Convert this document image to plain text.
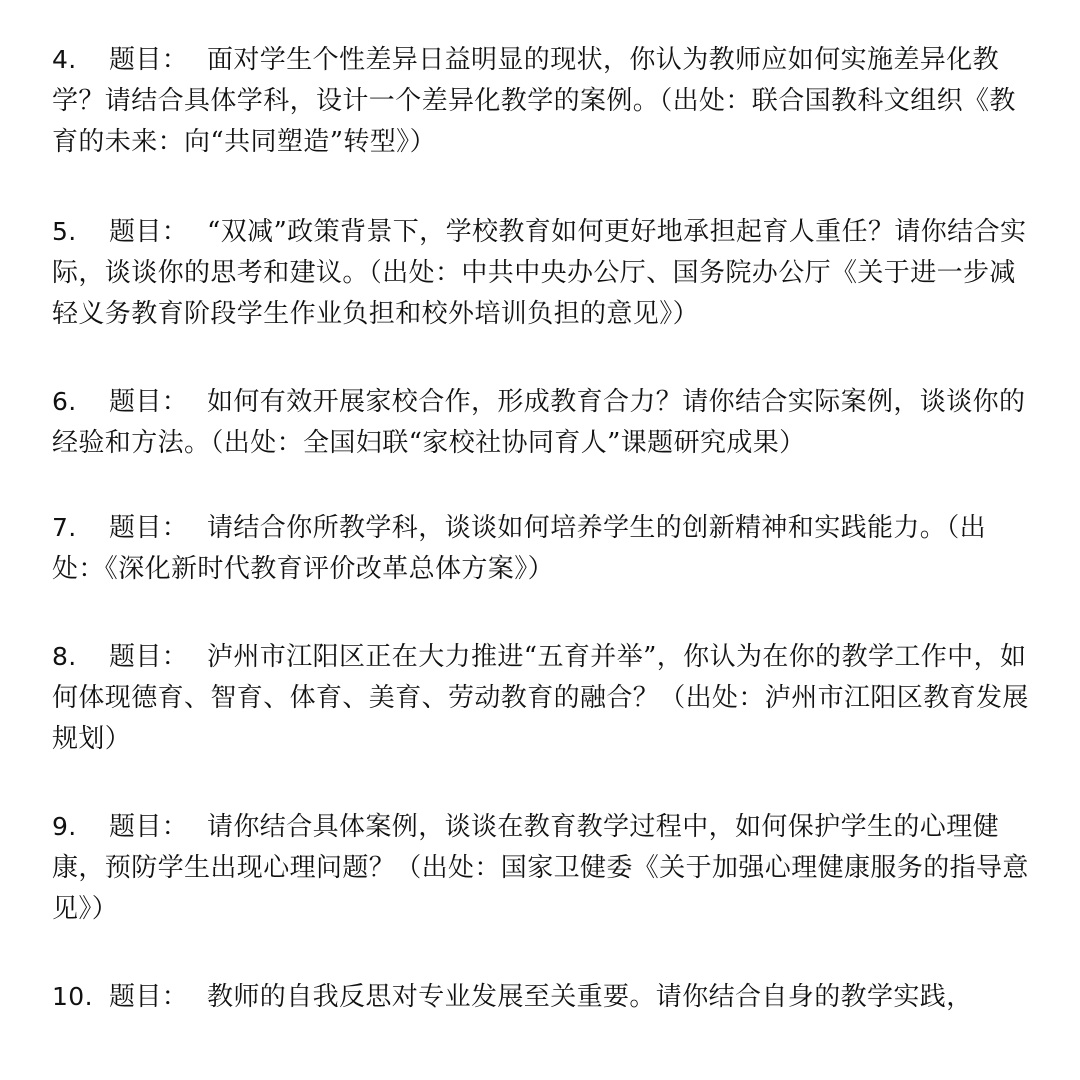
4. 题目： 面对学生个性差异日益明显的现状，你认为教师应如何实施差异化教学？请结合具体学科，设计一个差异化教学的案例。（出处：联合国教科文组织《教育的未来：向“共同塑造”转型》）
5. 题目： “双减”政策背景下，学校教育如何更好地承担起育人重任？请你结合实际，谈谈你的思考和建议。（出处：中共中央办公厅、国务院办公厅《关于进一步减轻义务教育阶段学生作业负担和校外培训负担的意见》）
6. 题目： 如何有效开展家校合作，形成教育合力？请你结合实际案例，谈谈你的经验和方法。（出处：全国妇联“家校社协同育人”课题研究成果）
7. 题目： 请结合你所教学科，谈谈如何培养学生的创新精神和实践能力。（出处：《深化新时代教育评价改革总体方案》）
8. 题目： 泸州市江阳区正在大力推进“五育并举”，你认为在你的教学工作中，如何体现德育、智育、体育、美育、劳动教育的融合？（出处：泸州市江阳区教育发展规划）
9. 题目： 请你结合具体案例，谈谈在教育教学过程中，如何保护学生的心理健康，预防学生出现心理问题？（出处：国家卫健委《关于加强心理健康服务的指导意见》）
10. 题目： 教师的自我反思对专业发展至关重要。请你结合自身的教学实践，
